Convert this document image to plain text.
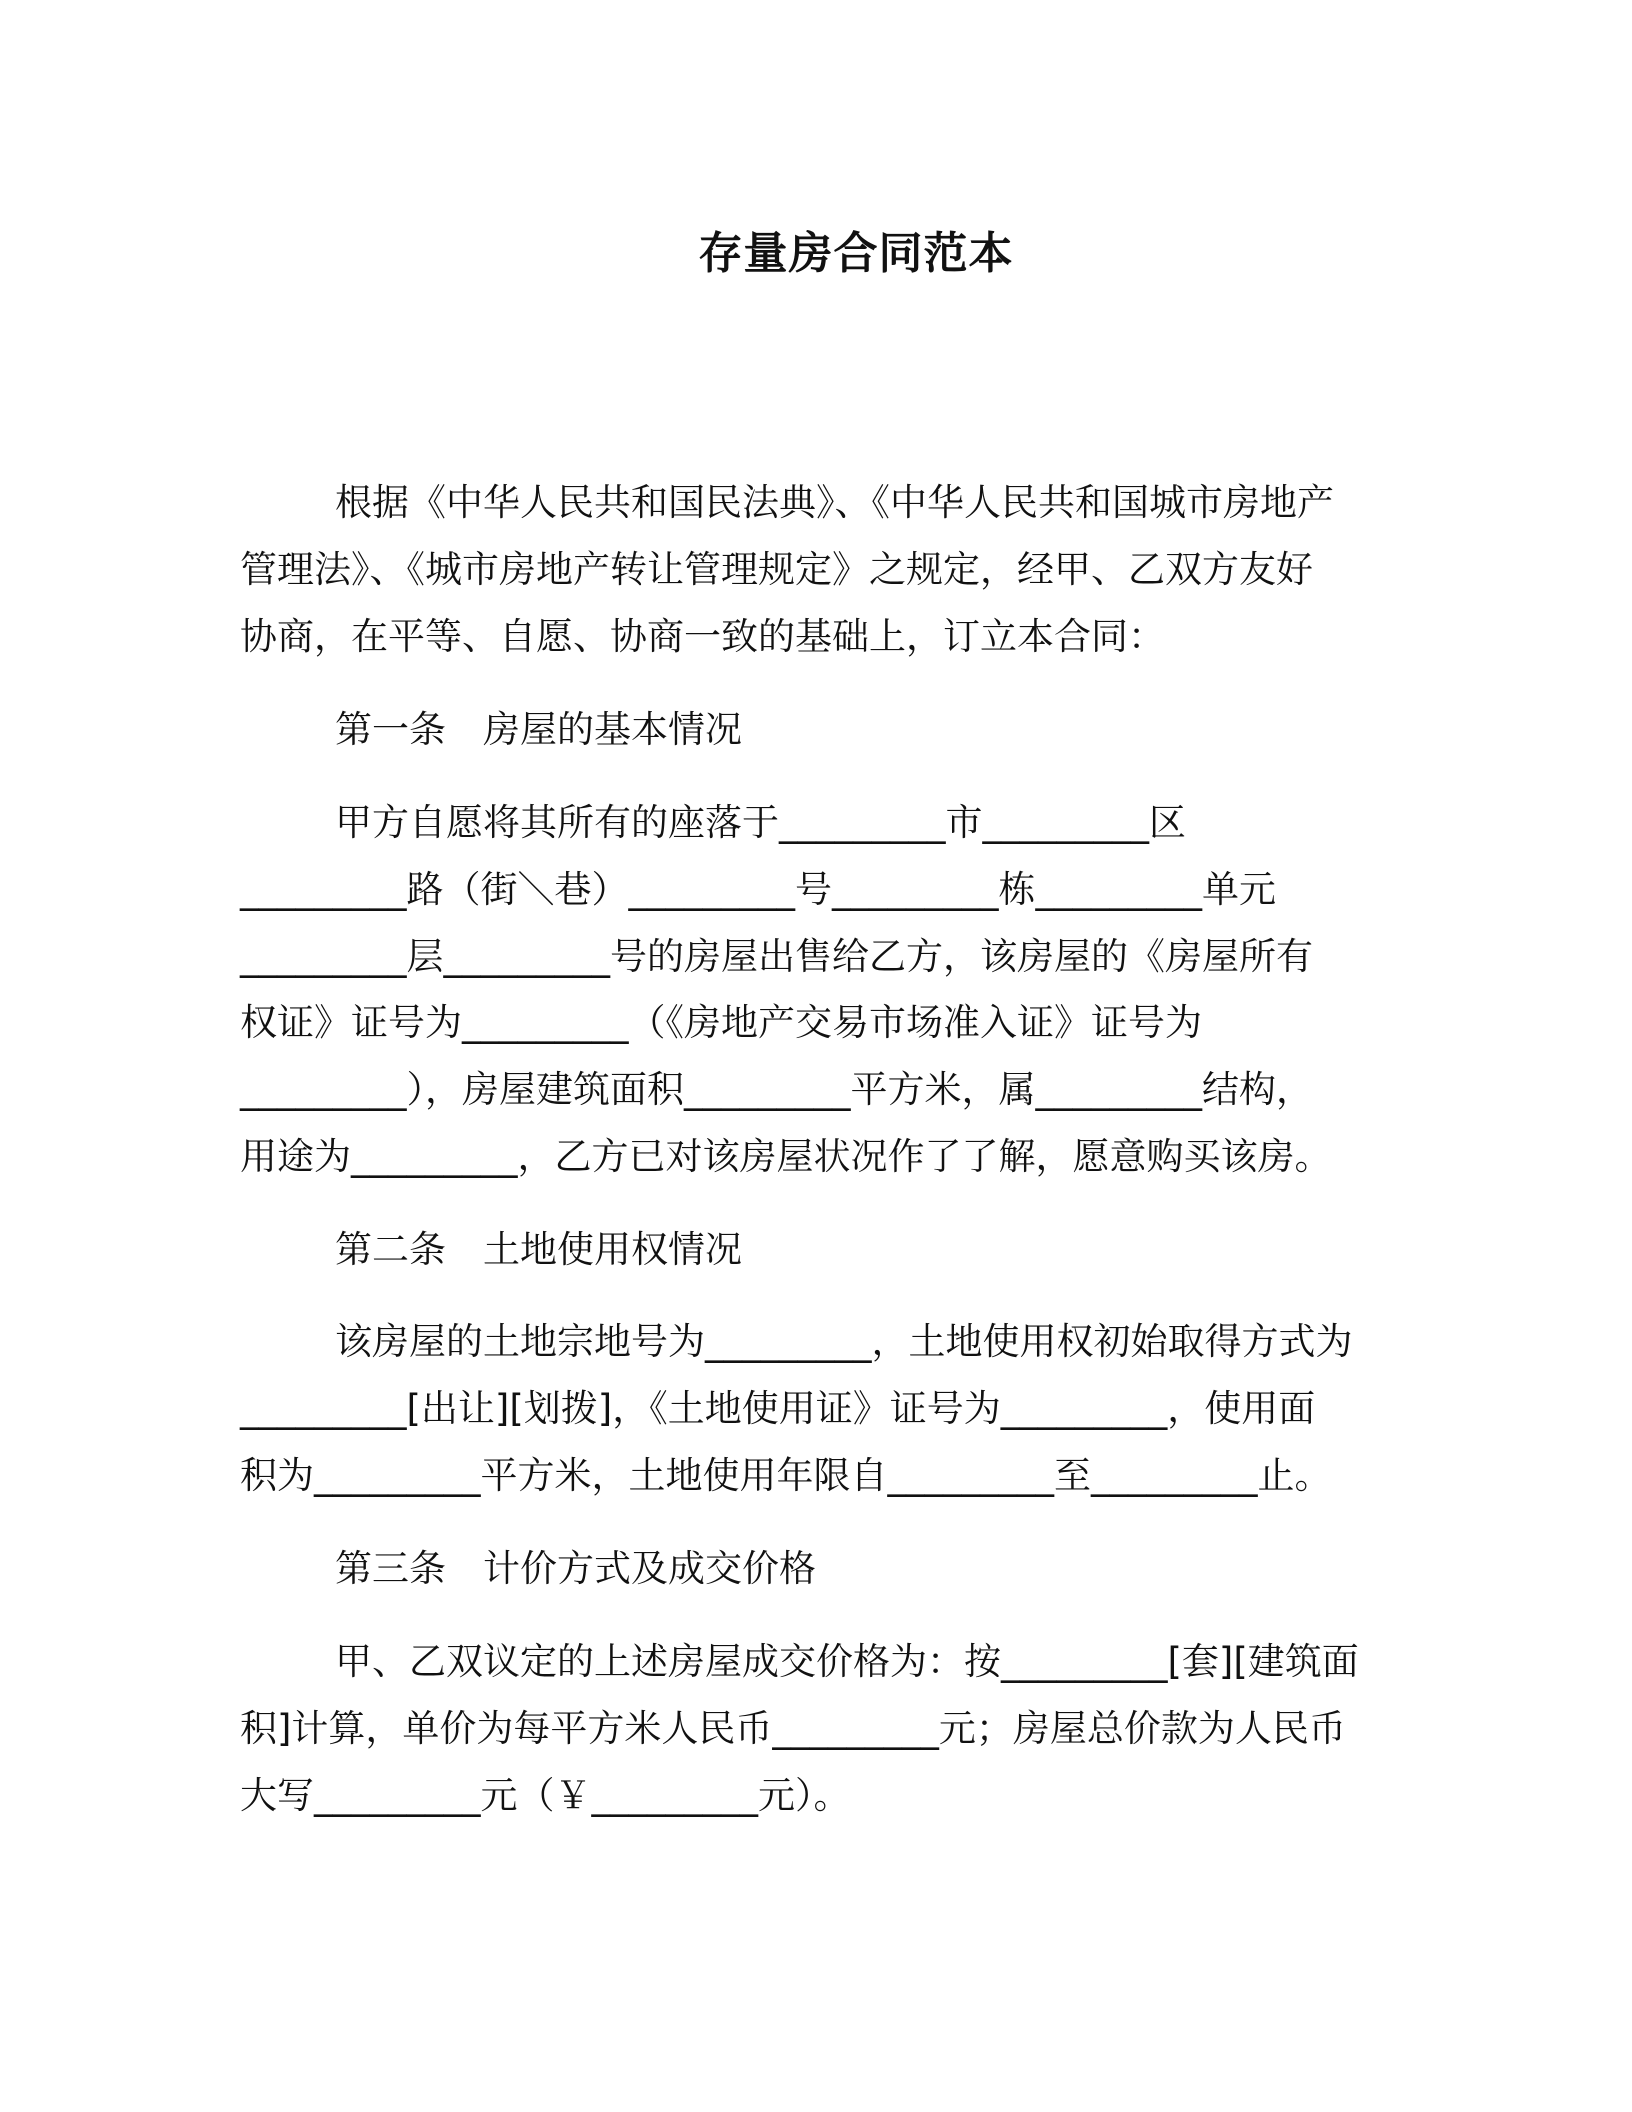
存量房合同范本

根据《中华人民共和国民法典》、《中华人民共和国城市房地产

管理法》、《城市房地产转让管理规定》之规定，经甲、乙双方友好

协商，在平等、自愿、协商一致的基础上，订立本合同：

第一条　房屋的基本情况

甲方自愿将其所有的座落于_________市_________区

_________路（街＼巷）_________号_________栋_________单元

_________层_________号的房屋出售给乙方，该房屋的《房屋所有

权证》证号为_________（《房地产交易市场准入证》证号为

_________），房屋建筑面积_________平方米，属_________结构，

用途为_________，乙方已对该房屋状况作了了解，愿意购买该房。

第二条　土地使用权情况

该房屋的土地宗地号为_________，土地使用权初始取得方式为

_________[出让][划拨]，《土地使用证》证号为_________，使用面

积为_________平方米，土地使用年限自_________至_________止。

第三条　计价方式及成交价格

甲、乙双议定的上述房屋成交价格为：按_________[套][建筑面

积]计算，单价为每平方米人民币_________元；房屋总价款为人民币

大写_________元（￥_________元）。
